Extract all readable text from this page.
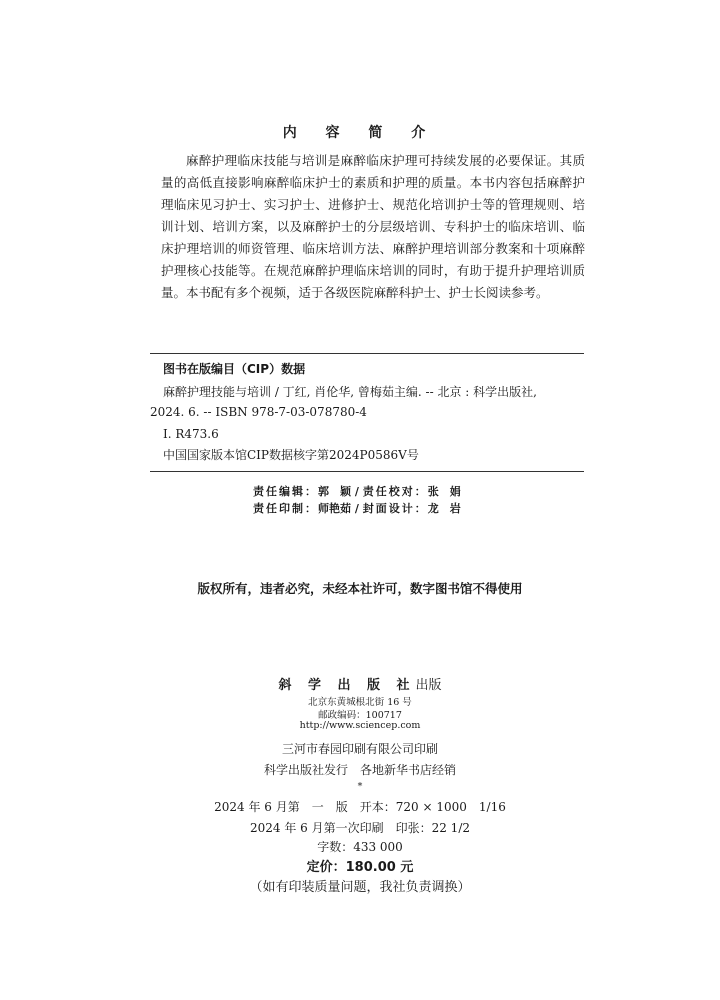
内 容 简 介
麻醉护理临床技能与培训是麻醉临床护理可持续发展的必要保证。其质量的高低直接影响麻醉临床护士的素质和护理的质量。本书内容包括麻醉护理临床见习护士、实习护士、进修护士、规范化培训护士等的管理规则、培训计划、培训方案，以及麻醉护士的分层级培训、专科护士的临床培训、临床护理培训的师资管理、临床培训方法、麻醉护理培训部分教案和十项麻醉护理核心技能等。在规范麻醉护理临床培训的同时，有助于提升护理培训质量。本书配有多个视频，适于各级医院麻醉科护士、护士长阅读参考。
图书在版编目（CIP）数据
麻醉护理技能与培训 / 丁红, 肖伦华, 曾梅茹主编. -- 北京 : 科学出版社,
2024. 6. -- ISBN 978-7-03-078780-4
Ⅰ. R473.6
中国国家版本馆CIP数据核字第2024P0586V号
责任编辑：郭　颖 / 责任校对：张　娟
责任印制：师艳茹 / 封面设计：龙　岩
版权所有，违者必究，未经本社许可，数字图书馆不得使用
斜 学 出 版 社出版
北京东黄城根北街 16 号
邮政编码：100717
http://www.sciencep.com
三河市春园印刷有限公司印刷
科学出版社发行　各地新华书店经销
*
2024 年 6 月第　一　版　开本：720 × 1000　1/16
2024 年 6 月第一次印刷　印张：22 1/2
字数：433 000
定价：180.00 元
（如有印装质量问题，我社负责调换）
